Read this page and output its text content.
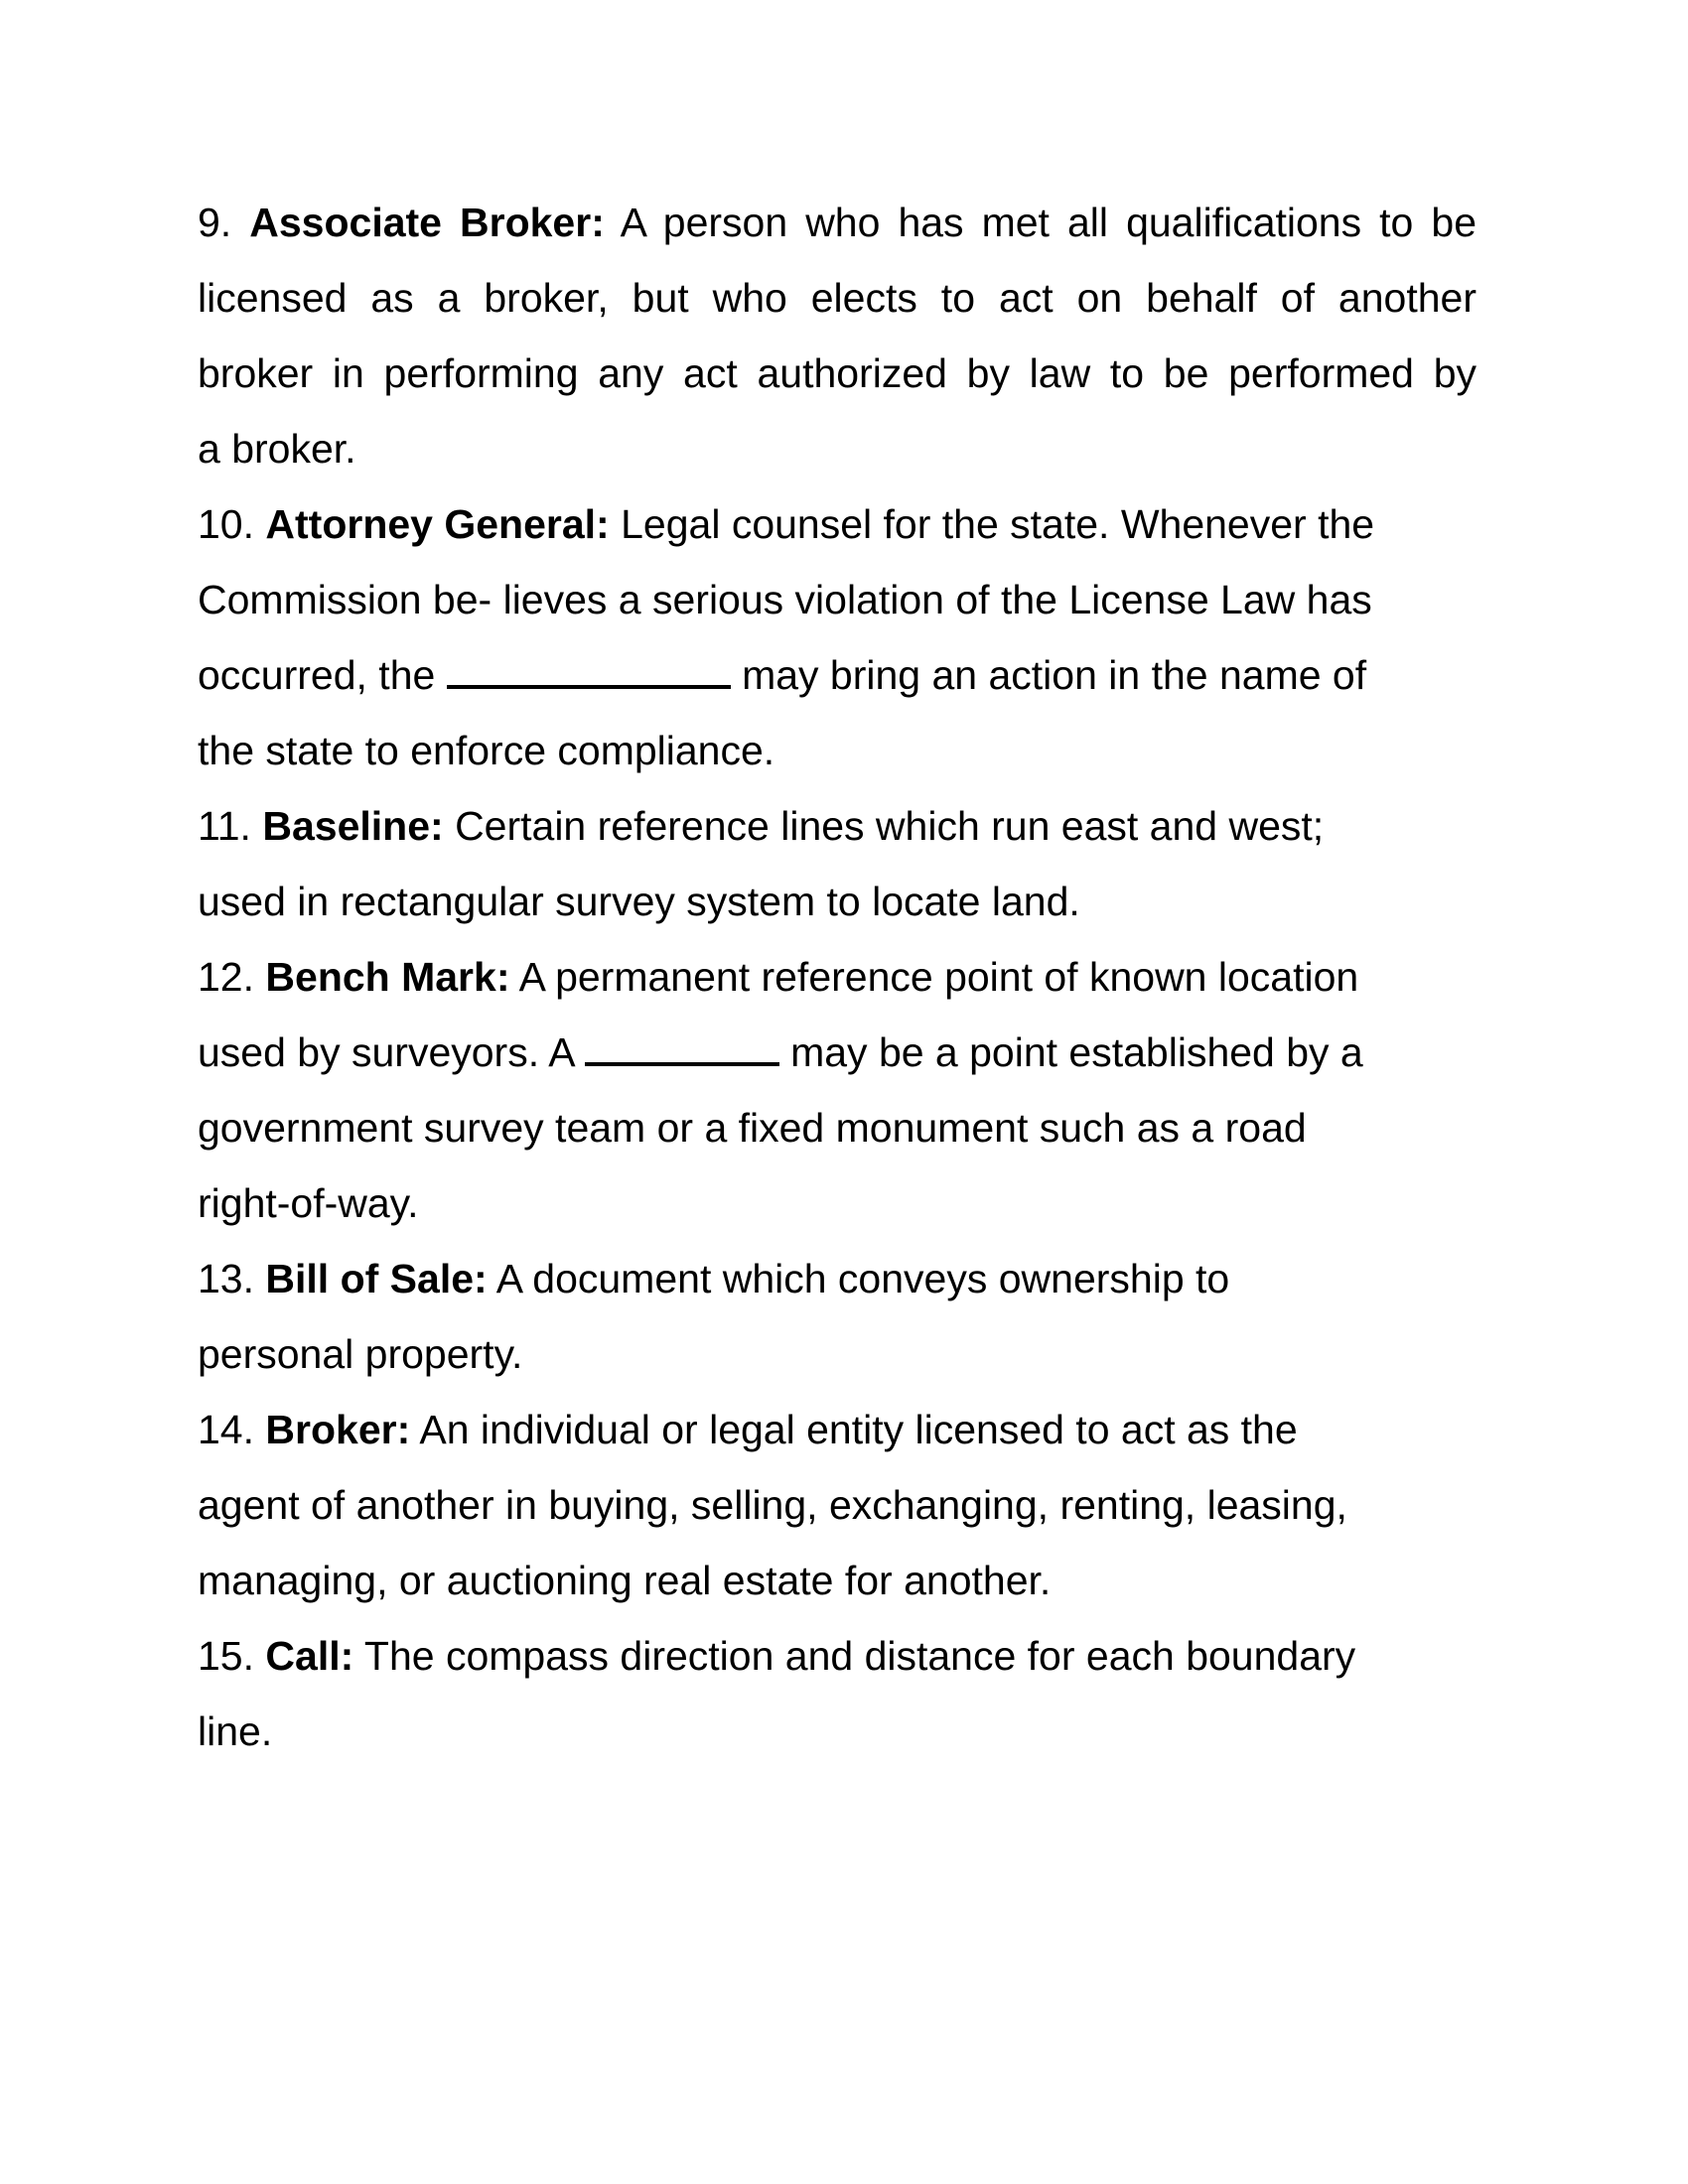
9. Associate Broker: A person who has met all qualifications to be
licensed as a broker, but who elects to act on behalf of another
broker in performing any act authorized by law to be performed by
a broker.
10. Attorney General: Legal counsel for the state. Whenever the
Commission be- lieves a serious violation of the License Law has
occurred, the	may bring an action in the name of
the state to enforce compliance.
11. Baseline: Certain reference lines which run east and west;
used in rectangular survey system to locate land.
12. Bench Mark: A permanent reference point of known location
used by surveyors. A	may be a point established by a
government survey team or a fixed monument such as a road
right-of-way.
13. Bill of Sale: A document which conveys ownership to
personal property.
14. Broker: An individual or legal entity licensed to act as the
agent of another in buying, selling, exchanging, renting, leasing,
managing, or auctioning real estate for another.
15. Call: The compass direction and distance for each boundary
line.
